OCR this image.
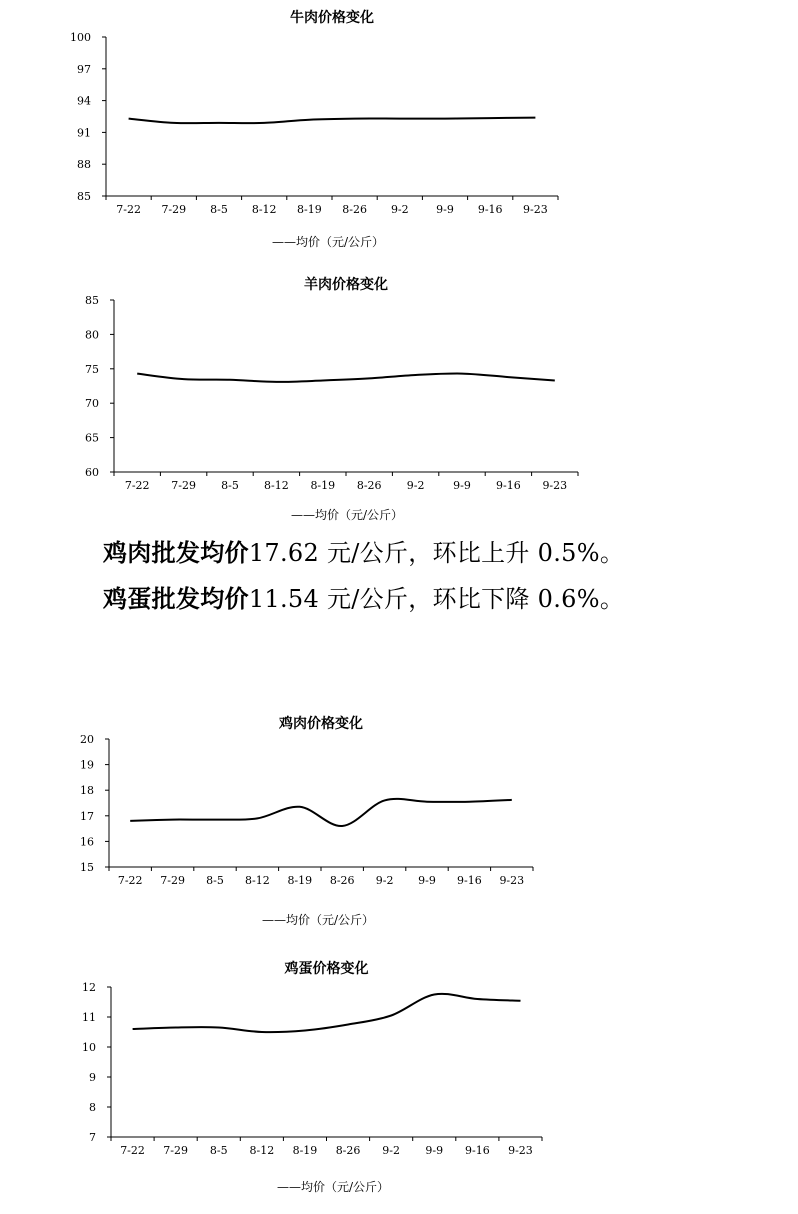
牛肉价格变化
85
88
91
94
97
100
7-22 7-29 8-5 8-12 8-19 8-26 9-2 9-9 9-16 9-23
——均价（元/公斤）
羊肉价格变化
60
65
70
75
80
85
7-22 7-29 8-5 8-12 8-19 8-26 9-2	9-9 9-16 9-23
——均价（元/公斤）
鸡肉批发均价17.62 元/公斤，环比上升 0.5%。
鸡蛋批发均价11.54 元/公斤，环比下降 0.6%。
鸡肉价格变化
15
16
17
18
19
20
7-22 7-29 8-5 8-12 8-19 8-26 9-2 9-9 9-16 9-23
——均价（元/公斤）
鸡蛋价格变化
7
8
9
10
11
12
7-22 7-29 8-5 8-12 8-19 8-26 9-2 9-9 9-16 9-23
——均价（元/公斤）
